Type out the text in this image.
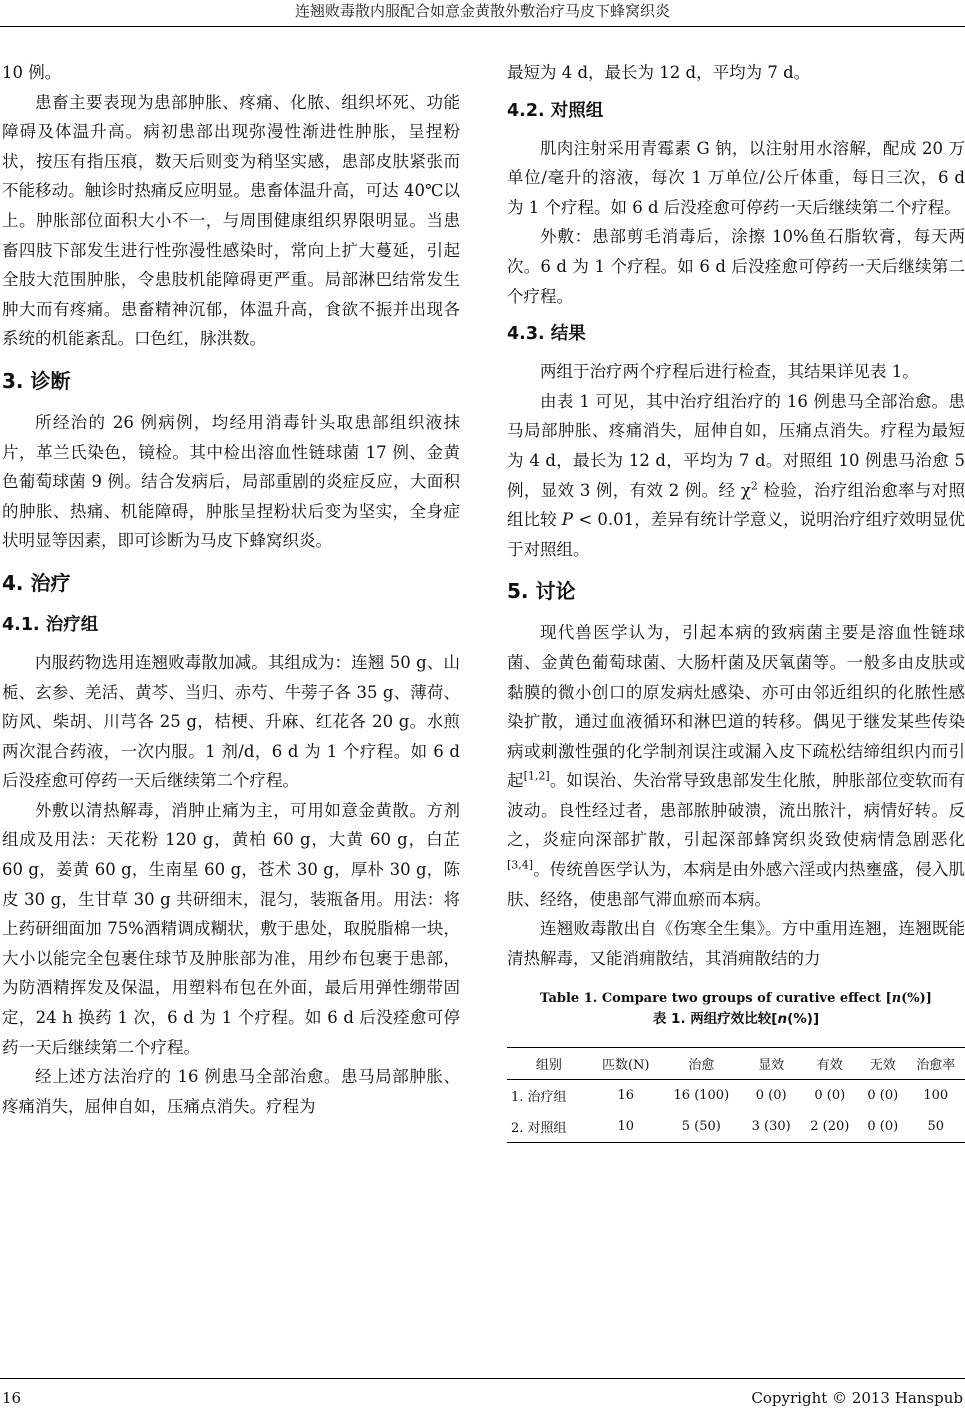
连翘败毒散内服配合如意金黄散外敷治疗马皮下蜂窝织炎

10 例。

患畜主要表现为患部肿胀、疼痛、化脓、组织坏死、功能障碍及体温升高。病初患部出现弥漫性渐进性肿胀，呈捏粉状，按压有指压痕，数天后则变为稍坚实感，患部皮肤紧张而不能移动。触诊时热痛反应明显。患畜体温升高，可达 40℃以上。肿胀部位面积大小不一，与周围健康组织界限明显。当患畜四肢下部发生进行性弥漫性感染时，常向上扩大蔓延，引起全肢大范围肿胀，令患肢机能障碍更严重。局部淋巴结常发生肿大而有疼痛。患畜精神沉郁，体温升高，食欲不振并出现各系统的机能紊乱。口色红，脉洪数。

3. 诊断

所经治的 26 例病例，均经用消毒针头取患部组织液抹片，革兰氏染色，镜检。其中检出溶血性链球菌 17 例、金黄色葡萄球菌 9 例。结合发病后，局部重剧的炎症反应，大面积的肿胀、热痛、机能障碍，肿胀呈捏粉状后变为坚实，全身症状明显等因素，即可诊断为马皮下蜂窝织炎。

4. 治疗
4.1. 治疗组

内服药物选用连翘败毒散加减。其组成为：连翘 50 g、山栀、玄参、羌活、黄芩、当归、赤芍、牛蒡子各 35 g、薄荷、防风、柴胡、川芎各 25 g，桔梗、升麻、红花各 20 g。水煎两次混合药液，一次内服。1 剂/d，6 d 为 1 个疗程。如 6 d 后没痊愈可停药一天后继续第二个疗程。

外敷以清热解毒，消肿止痛为主，可用如意金黄散。方剂组成及用法：天花粉 120 g，黄柏 60 g，大黄 60 g，白芷 60 g，姜黄 60 g，生南星 60 g，苍术 30 g，厚朴 30 g，陈皮 30 g，生甘草 30 g 共研细末，混匀，装瓶备用。用法：将上药研细面加 75%酒精调成糊状，敷于患处，取脱脂棉一块，大小以能完全包裹住球节及肿胀部为准，用纱布包裹于患部，为防酒精挥发及保温，用塑料布包在外面，最后用弹性绷带固定，24 h 换药 1 次，6 d 为 1 个疗程。如 6 d 后没痊愈可停药一天后继续第二个疗程。

经上述方法治疗的 16 例患马全部治愈。患马局部肿胀、疼痛消失，屈伸自如，压痛点消失。疗程为

最短为 4 d，最长为 12 d，平均为 7 d。

4.2. 对照组

肌肉注射采用青霉素 G 钠，以注射用水溶解，配成 20 万单位/毫升的溶液，每次 1 万单位/公斤体重，每日三次，6 d 为 1 个疗程。如 6 d 后没痊愈可停药一天后继续第二个疗程。

外敷：患部剪毛消毒后，涂擦 10%鱼石脂软膏，每天两次。6 d 为 1 个疗程。如 6 d 后没痊愈可停药一天后继续第二个疗程。

4.3. 结果

两组于治疗两个疗程后进行检查，其结果详见表 1。

由表 1 可见，其中治疗组治疗的 16 例患马全部治愈。患马局部肿胀、疼痛消失，屈伸自如，压痛点消失。疗程为最短为 4 d，最长为 12 d，平均为 7 d。对照组 10 例患马治愈 5 例，显效 3 例，有效 2 例。经 $\chi^2$ 检验，治疗组治愈率与对照组比较 P < 0.01，差异有统计学意义，说明治疗组疗效明显优于对照组。

5. 讨论

现代兽医学认为，引起本病的致病菌主要是溶血性链球菌、金黄色葡萄球菌、大肠杆菌及厌氧菌等。一般多由皮肤或黏膜的微小创口的原发病灶感染、亦可由邻近组织的化脓性感染扩散，通过血液循环和淋巴道的转移。偶见于继发某些传染病或刺激性强的化学制剂误注或漏入皮下疏松结缔组织内而引起[1,2]。如误治、失治常导致患部发生化脓，肿胀部位变软而有波动。良性经过者，患部脓肿破溃，流出脓汁，病情好转。反之，炎症向深部扩散，引起深部蜂窝织炎致使病情急剧恶化[3,4]。传统兽医学认为，本病是由外感六淫或内热壅盛，侵入肌肤、经络，使患部气滞血瘀而本病。

连翘败毒散出自《伤寒全生集》。方中重用连翘，连翘既能清热解毒，又能消痈散结，其消痈散结的力

Table 1. Compare two groups of curative effect [n(%)]
表 1. 两组疗效比较[n(%)]
组别	匹数(N)	治愈	显效	有效	无效	治愈率
1. 治疗组	16	16 (100)	0 (0)	0 (0)	0 (0)	100
2. 对照组	10	5 (50)	3 (30)	2 (20)	0 (0)	50
16	Copyright © 2013 Hanspub
